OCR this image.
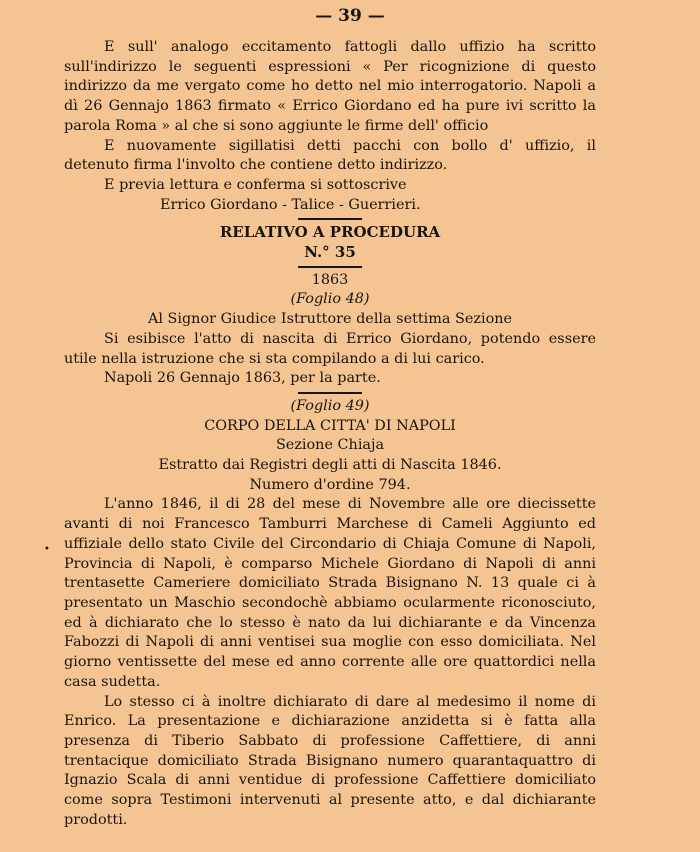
— 39 —

E sull' analogo eccitamento fattogli dallo uffizio ha scritto sull'indirizzo le seguenti espressioni « Per ricognizione di questo indirizzo da me vergato come ho detto nel mio interrogatorio. Napoli a dì 26 Gennajo 1863 firmato « Errico Giordano ed ha pure ivi scritto la parola Roma » al che si sono aggiunte le firme dell' officio

E nuovamente sigillatisi detti pacchi con bollo d' uffizio, il detenuto firma l'involto che contiene detto indirizzo.

E previa lettura e conferma si sottoscrive

Errico Giordano - Talice - Guerrieri.

RELATIVO A PROCEDURA

N.° 35

1863

(Foglio 48)

Al Signor Giudice Istruttore della settima Sezione

Si esibisce l'atto di nascita di Errico Giordano, potendo essere utile nella istruzione che si sta compilando a di lui carico.

Napoli 26 Gennajo 1863, per la parte.

(Foglio 49)

CORPO DELLA CITTA' DI NAPOLI

Sezione Chiaja

Estratto dai Registri degli atti di Nascita 1846.

Numero d'ordine 794.

L'anno 1846, il di 28 del mese di Novembre alle ore diecissette avanti di noi Francesco Tamburri Marchese di Cameli Aggiunto ed uffiziale dello stato Civile del Circondario di Chiaja Comune di Napoli, Provincia di Napoli, è comparso Michele Giordano di Napoli di anni trentasette Cameriere domiciliato Strada Bisignano N. 13 quale ci à presentato un Maschio secondochè abbiamo ocularmente riconosciuto, ed à dichiarato che lo stesso è nato da lui dichiarante e da Vincenza Fabozzi di Napoli di anni ventisei sua moglie con esso domiciliata. Nel giorno ventissette del mese ed anno corrente alle ore quattordici nella casa sudetta.

Lo stesso ci à inoltre dichiarato di dare al medesimo il nome di Enrico. La presentazione e dichiarazione anzidetta si è fatta alla presenza di Tiberio Sabbato di professione Caffettiere, di anni trentacique domiciliato Strada Bisignano numero quarantaquattro di Ignazio Scala di anni ventidue di professione Caffettiere domiciliato come sopra Testimoni intervenuti al presente atto, e dal dichiarante prodotti.

•
